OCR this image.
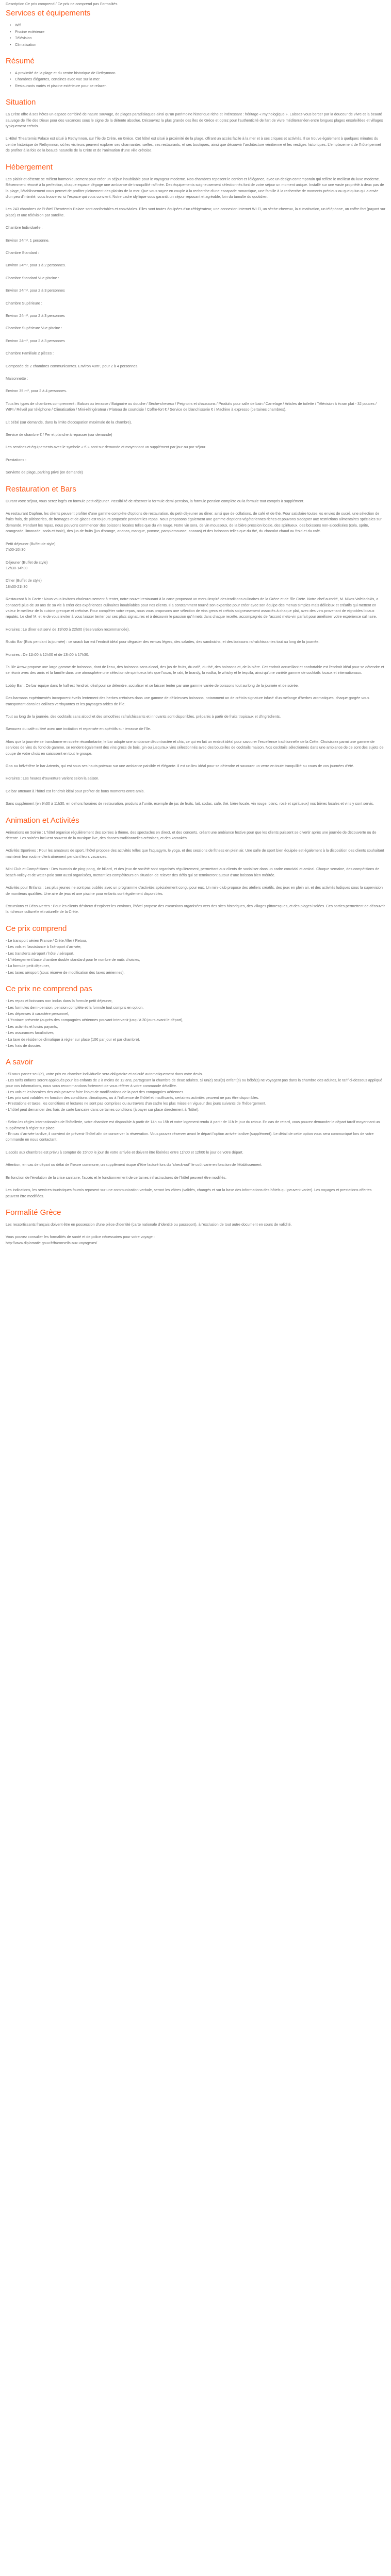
Description Ce prix comprend / Ce prix ne comprend pas Formalités

Services et équipements
• Wifi
• Piscine extérieure
• Télévision
• Climatisation
Résumé
• A proximité de la plage et du centre historique de Rethymnon.
• Chambres élégantes, certaines avec vue sur la mer.
• Restaurants variés et piscine extérieure pour se relaxer.
Situation

La Crète offre à ses hôtes un espace combiné de nature sauvage, de plages paradisiaques ainsi qu'un patrimoine historique riche et intéressant : héritage « mythologique ». Laissez-vous bercer par la douceur de vivre et la beauté sauvage de l'île des Dieux pour des vacances sous le signe de la détente absolue. Découvrez la plus grande des îles de Grèce et optez pour l'authenticité de l'art de vivre méditerranéen entre longues plages ensoleillées et villages typiquement crétois.

L'Hôtel Theartemis Palace est situé à Rethymnon, sur l'île de Crète, en Grèce. Cet hôtel est situé à proximité de la plage, offrant un accès facile à la mer et à ses criques et activités. Il se trouve également à quelques minutes du centre historique de Rethymnon, où les visiteurs peuvent explorer ses charmantes ruelles, ses restaurants, et ses boutiques, ainsi que découvrir l'architecture vénitienne et les vestiges historiques. L'emplacement de l'hôtel permet de profiter à la fois de la beauté naturelle de la Crète et de l'animation d'une ville crétoise.

Hébergement

Les plaisir et détente se mêlent harmonieusement pour créer un séjour inoubliable pour le voyageur moderne. Nos chambres reposent le confort et l'élégance, avec un design contemporain qui reflète le meilleur du luxe moderne. Récemment rénové à la perfection, chaque espace dégage une ambiance de tranquillité raffinée. Des équipements soigneusement sélectionnés font de votre séjour un moment unique. Installé sur une vaste propriété à deux pas de la plage, l'établissement vous permet de profiter pleinement des plaisirs de la mer. Que vous soyez en couple à la recherche d'une escapade romantique, une famille à la recherche de moments précieux ou quelqu'un qui a envie d'un peu d'intimité, vous trouverez ici l'espace qui vous convient. Notre cadre idyllique vous garantit un séjour reposant et agréable, loin du tumulte du quotidien.

Les 243 chambres de l'Hôtel Theartemis Palace sont confortables et conviviales. Elles sont toutes équipées d'un réfrigérateur, une connexion Internet Wi-Fi, un sèche-cheveux, la climatisation, un téléphone, un coffre-fort (payant sur place) et une télévision par satellite.

Chambre Individuelle :

Environ 24m², 1 personne.

Chambre Standard :

Environ 24m², pour 1 à 2 personnes.

Chambre Standard Vue piscine :

Environ 24m², pour 2 à 3 personnes

Chambre Supérieure :

Environ 24m², pour 2 à 3 personnes

Chambre Supérieure Vue piscine :

Environ 24m², pour 2 à 3 personnes

Chambre Familiale 2 pièces :

Composée de 2 chambres communicantes. Environ 40m², pour 2 à 4 personnes.

Maisonnette :

Environ 35 m², pour 2 à 4 personnes.

Tous les types de chambres comprennent : Balcon ou terrasse / Baignoire ou douche / Sèche-cheveux / Peignoirs et chaussons / Produits pour salle de bain / Carrelage / Articles de toilette / Télévision à écran plat - 32 pouces / WIFI / Réveil par téléphone / Climatisation / Mini-réfrigérateur / Plateau de courtoisie / Coffre-fort € / Service de blanchisserie € / Machine à expresso (certaines chambres).

Lit bébé (sur demande, dans la limite d'occupation maximale de la chambre).

Service de chambre € / Fer et planche à repasser (sur demande)

Les services et équipements avec le symbole « € » sont sur demande et moyennant un supplément par jour ou par séjour.

Prestations :

Serviette de plage, parking privé (en demande)

Restauration et Bars

Durant votre séjour, vous serez logés en formule petit déjeuner. Possibilité de réserver la formule demi-pension, la formule pension complète ou la formule tout compris à supplément.

Au restaurant Daphne, les clients peuvent profiter d'une gamme complète d'options de restauration, du petit-déjeuner au dîner, ainsi que de collations, de café et de thé. Pour satisfaire toutes les envies de sucré, une sélection de fruits frais, de pâtisseries, de fromages et de glaces est toujours proposée pendant les repas. Nous proposons également une gamme d'options végétariennes riches et pouvons s'adapter aux restrictions alimentaires spéciales sur demande. Pendant les repas, nous pouvons commencer des boissons locales telles que du vin rouge. Notre vin sera, de vin mousseux, de la bière pression locale, des spiritueux, des boissons non-alcoolisées (cola, sprite, orangeade, limonade, soda et tonic), des jus de fruits (jus d'orange, ananas, mangue, pomme, pamplemousse, ananas) et des boissons telles que du thé, du chocolat chaud ou froid et du café.

Petit déjeuner (Buffet de style)
7h00-10h30

Déjeuner (Buffet de style)
12h30-14h30

Dîner (Buffet de style)
18h30-21h30

Restaurant à la Carte : Nous vous invitons chaleureusement à tenter, notre nouvel restaurant à la carte proposant un menu inspiré des traditions culinaires de la Grèce et de l'île Crète. Notre chef autorité, M. Nikos Vafeiadakis, a consacré plus de 30 ans de sa vie à créer des expériences culinaires inoubliables pour nos clients. Il a constamment tourné son expertise pour créer avec son équipe des menus simples mais délicieux et créatifs qui mettent en valeur le meilleur de la cuisine grecque et crétoise. Pour compléter votre repas, nous vous proposons une sélection de vins grecs et crétois soigneusement associés à chaque plat, avec des vins provenant de vignobles locaux réputés. Le chef M. et le de vous inviter à vous laisser tenter par ses plats signatures et à découvrir le passion qu'il mets dans chaque recette, accompagnés de l'accord mets-vin parfait pour améliorer votre expérience culinaire.

Horaires : Le dîner est servi de 19h00 à 22h00 (réservation recommandée).

Rustic Bar (Bois pendant la journée) : ce snack bar est l'endroit idéal pour déguster des en-cas légers, des salades, des sandwichs, et des boissons rafraîchissantes tout au long de la journée.

Horaires : De 11h00 à 12h00 et de 13h00 à 17h30.

Ta Ble Arrow propose une large gamme de boissons, dont de l'eau, des boissons sans alcool, des jus de fruits, du café, du thé, des boissons et, de la bière. Cet endroit accueillant et confortable est l'endroit idéal pour se détendre et se réunir avec des amis et la famille dans une atmosphère une sélection de spiritueux tels que l'ouzo, le raki, le brandy, la vodka, le whisky et le tequila, ainsi qu'une variété gamme de cocktails locaux et internationaux.

Lobby Bar : Ce bar équipe dans le hall est l'endroit idéal pour se détendre, socialiser et se laisser tenter par une gamme variée de boissons tout au long de la journée et de soirée.

Des barmans expérimentés incorporent éveils lentement des herbes crétoises dans une gamme de délicieuses boissons, notamment un de crétoïs signature infusé d'un mélange d'herbes aromatiques, chaque gorgée vous transportant dans les collines verdoyantes et les paysages arides de l'île.

Tout au long de la journée, des cocktails sans alcool et des smoothies rafraîchissants et innovants sont disponibles, préparés à partir de fruits tropicaux et d'ingrédients.

Savourez du café cultivé avec une incitation et repensée en apéritifs sur terrasse de l'île.

Alors que la journée se transforme en soirée réconfortante, le bar adopte une ambiance décontractée et chic, ce qui en fait un endroit idéal pour savourer l'excellence traditionnelle de la Crète. Choisissez parmi une gamme de services de vins du fond de gamme, se rendent également des vins grecs de bois, gin ou jusqu'aux vins sélectionnés avec des bouteilles de cocktails maison. Nos cocktails sélectionnés dans une ambiance de ce sont des sujets de coupe de votre choix en saisissent en tout le groupe.

Goa au bélvédère le bar Artemis, qui est sous ses hauts poteaux sur une ambiance paisible et élégante. Il est un lieu idéal pour se détendre et savourer un verre en toute tranquillité au cours de vos journées d'été.

Horaires : Les heures d'ouverture varient selon la saison.

Ce bar attenant à l'hôtel est l'endroit idéal pour profiter de bons moments entre amis.

Sans supplément (en 9h30 à 11h30, en dehors horaires de restauration, produits à l'unité, exemple de jus de fruits, lait, sodas, café, thé, bière locale, vin rouge, blanc, rosé et spiritueux) nos bières locales et vins y sont servis.

Animation et Activités

Animations en Soirée : L'hôtel organise régulièrement des soirées à thème, des spectacles en direct, et des concerts, créant une ambiance festive pour que les clients puissent se divertir après une journée de découverte ou de détente. Les soirées incluent souvent de la musique live, des danses traditionnelles crétoises, et des karaokés.

Activités Sportives : Pour les amateurs de sport, l'hôtel propose des activités telles que l'aquagym, le yoga, et des sessions de fitness en plein air. Une salle de sport bien équipée est également à la disposition des clients souhaitant maintenir leur routine d'entraînement pendant leurs vacances.

Mini-Club et Compétitions : Des tournois de ping-pong, de billard, et des jeux de société sont organisés régulièrement, permettant aux clients de socialiser dans un cadre convivial et amical. Chaque semaine, des compétitions de beach-volley et de water-polo sont aussi organisées, mettant les compétiteurs en situation de relever des défis qui se termineront autour d'une boisson bien méritée.

Activités pour Enfants : Les plus jeunes ne sont pas oubliés avec un programme d'activités spécialement conçu pour eux. Un mini-club propose des ateliers créatifs, des jeux en plein air, et des activités ludiques sous la supervision de moniteurs qualifiés. Une aire de jeux et une piscine pour enfants sont également disponibles.

Excursions et Découvertes : Pour les clients désireux d'explorer les environs, l'hôtel propose des excursions organisées vers des sites historiques, des villages pittoresques, et des plages isolées. Ces sorties permettent de découvrir la richesse culturelle et naturelle de la Crète.

Ce prix comprend
- Le transport aérien France / Crète Aller / Retour,
- Les vols et l'assistance à l'aéroport d'arrivée,
- Les transferts aéroport / hôtel / aéroport,
- L'hébergement base chambre double standard pour le nombre de nuits choisies,
- La formule petit déjeuner,
- Les taxes aéroport (sous réserve de modification des taxes aériennes).
Ce prix ne comprend pas
- Les repas et boissons non inclus dans la formule petit déjeuner,
- Les formules demi-pension, pension complète et la formule tout compris en option,
- Les dépenses à caractère personnel,
- L'écotaxe présente (auprès des compagnies aériennes pouvant intervenir jusqu'à 30 jours avant le départ),
- Les activités et loisirs payants,
- Les assurances facultatives,
- La taxe de résidence climatique à régler sur place (10€ par jour et par chambre),
- Les frais de dossier.
A savoir

- Si vous partez seul(e), votre prix en chambre individuelle sera obligatoire et calculé automatiquement dans votre devis.
- Les tarifs enfants seront appliqués pour les enfants de 2 à moins de 12 ans, partageant la chambre de deux adultes. Si un(e) seul(e) enfant(s) ou bébé(s) ne voyagent pas dans la chambre des adultes, le tarif ci-dessous appliqué pour vos informations, nous vous recommandons fortement de vous référer à votre commande détaillée.
- Les vols et les horaires des vols peuvent faire l'objet de modifications de la part des compagnies aériennes.
- Les prix sont valables en fonction des conditions climatiques, ou à l'influence de l'hôtel et insuffisants, certaines activités peuvent ne pas être disponibles.
- Prestations et taxes, les conditions et lectures ne sont pas comprises ou au travers d'un cadre les plus mises en vigueur des jours suivants de l'hébergement.
- L'hôtel peut demander des frais de carte bancaire dans certaines conditions (à payer sur place directement à l'hôtel).

- Selon les règles internationales de l'hôtellerie, votre chambre est disponible à partir de 14h ou 15h et votre logement rendu à partir de 11h le jour du retour. En cas de retard, vous pouvez demander le départ tardif moyennant un supplément à régler sur place.
- En cas d'arrivée tardive, il convient de prévenir l'hôtel afin de conserver la réservation. Vous pouvez réserver avant le départ l'option arrivée tardive (supplément). Le détail de cette option vous sera communiqué lors de votre commande en nous contactant.

L'accès aux chambres est prévu à compter de 15h00 le jour de votre arrivée et doivent être libérées entre 11h00 et 12h00 le jour de votre départ.

Attention, en cas de départ ou délai de l'heure commune, un supplément risque d'être facturé lors du "check-out" le coût varie en fonction de l'établissement.

En fonction de l'évolution de la crise sanitaire, l'accès et le fonctionnement de certaines infrastructures de l'hôtel peuvent être modifiés.

Les indications, les services touristiques fournis reposent sur une communication verbale, seront les vôtres (validés, changés et sur la base des informations des hôtels qui peuvent varier). Les voyages et prestations offertes peuvent être modifiées.

Formalité Grèce

Les ressortissants français doivent être en possession d'une pièce d'identité (carte nationale d'identité ou passeport), à l'exclusion de tout autre document en cours de validité.

Vous pouvez consulter les formalités de santé et de police nécessaires pour votre voyage :
http://www.diplomatie.gouv.fr/fr/conseils-aux-voyageurs/
